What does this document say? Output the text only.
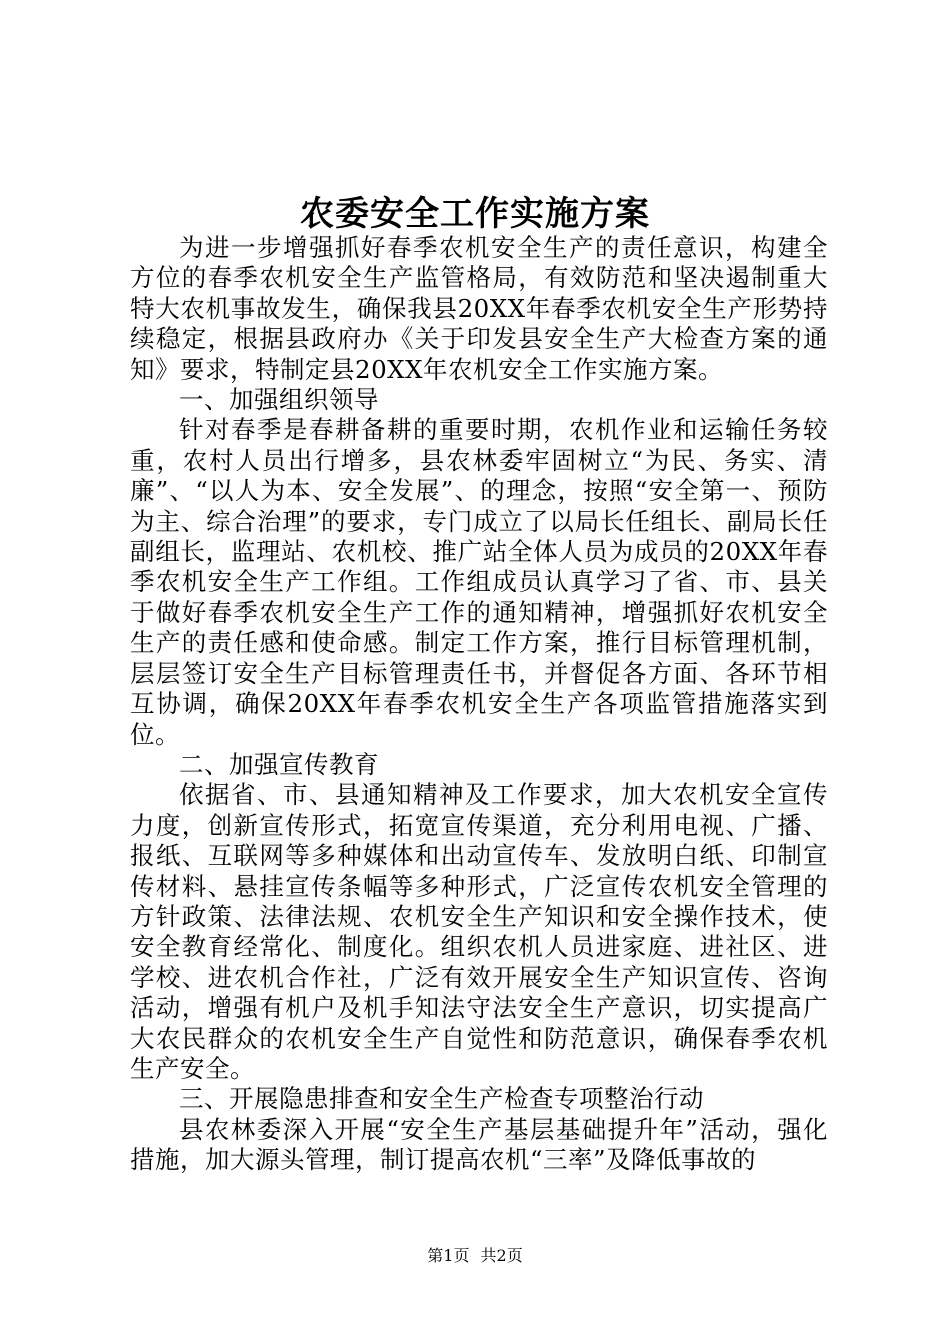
农委安全工作实施方案

为进一步增强抓好春季农机安全生产的责任意识，构建全方位的春季农机安全生产监管格局，有效防范和坚决遏制重大特大农机事故发生，确保我县20XX年春季农机安全生产形势持续稳定，根据县政府办《关于印发县安全生产大检查方案的通知》要求，特制定县20XX年农机安全工作实施方案。

一、加强组织领导

针对春季是春耕备耕的重要时期，农机作业和运输任务较重，农村人员出行增多，县农林委牢固树立“为民、务实、清廉”、“以人为本、安全发展”、的理念，按照“安全第一、预防为主、综合治理”的要求，专门成立了以局长任组长、副局长任副组长，监理站、农机校、推广站全体人员为成员的20XX年春季农机安全生产工作组。工作组成员认真学习了省、市、县关于做好春季农机安全生产工作的通知精神，增强抓好农机安全生产的责任感和使命感。制定工作方案，推行目标管理机制，层层签订安全生产目标管理责任书，并督促各方面、各环节相互协调，确保20XX年春季农机安全生产各项监管措施落实到位。

二、加强宣传教育

依据省、市、县通知精神及工作要求，加大农机安全宣传力度，创新宣传形式，拓宽宣传渠道，充分利用电视、广播、报纸、互联网等多种媒体和出动宣传车、发放明白纸、印制宣传材料、悬挂宣传条幅等多种形式，广泛宣传农机安全管理的方针政策、法律法规、农机安全生产知识和安全操作技术，使安全教育经常化、制度化。组织农机人员进家庭、进社区、进学校、进农机合作社，广泛有效开展安全生产知识宣传、咨询活动，增强有机户及机手知法守法安全生产意识，切实提高广大农民群众的农机安全生产自觉性和防范意识，确保春季农机生产安全。

三、开展隐患排查和安全生产检查专项整治行动

县农林委深入开展“安全生产基层基础提升年”活动，强化措施，加大源头管理，制订提高农机“三率”及降低事故的

第1页 共2页
